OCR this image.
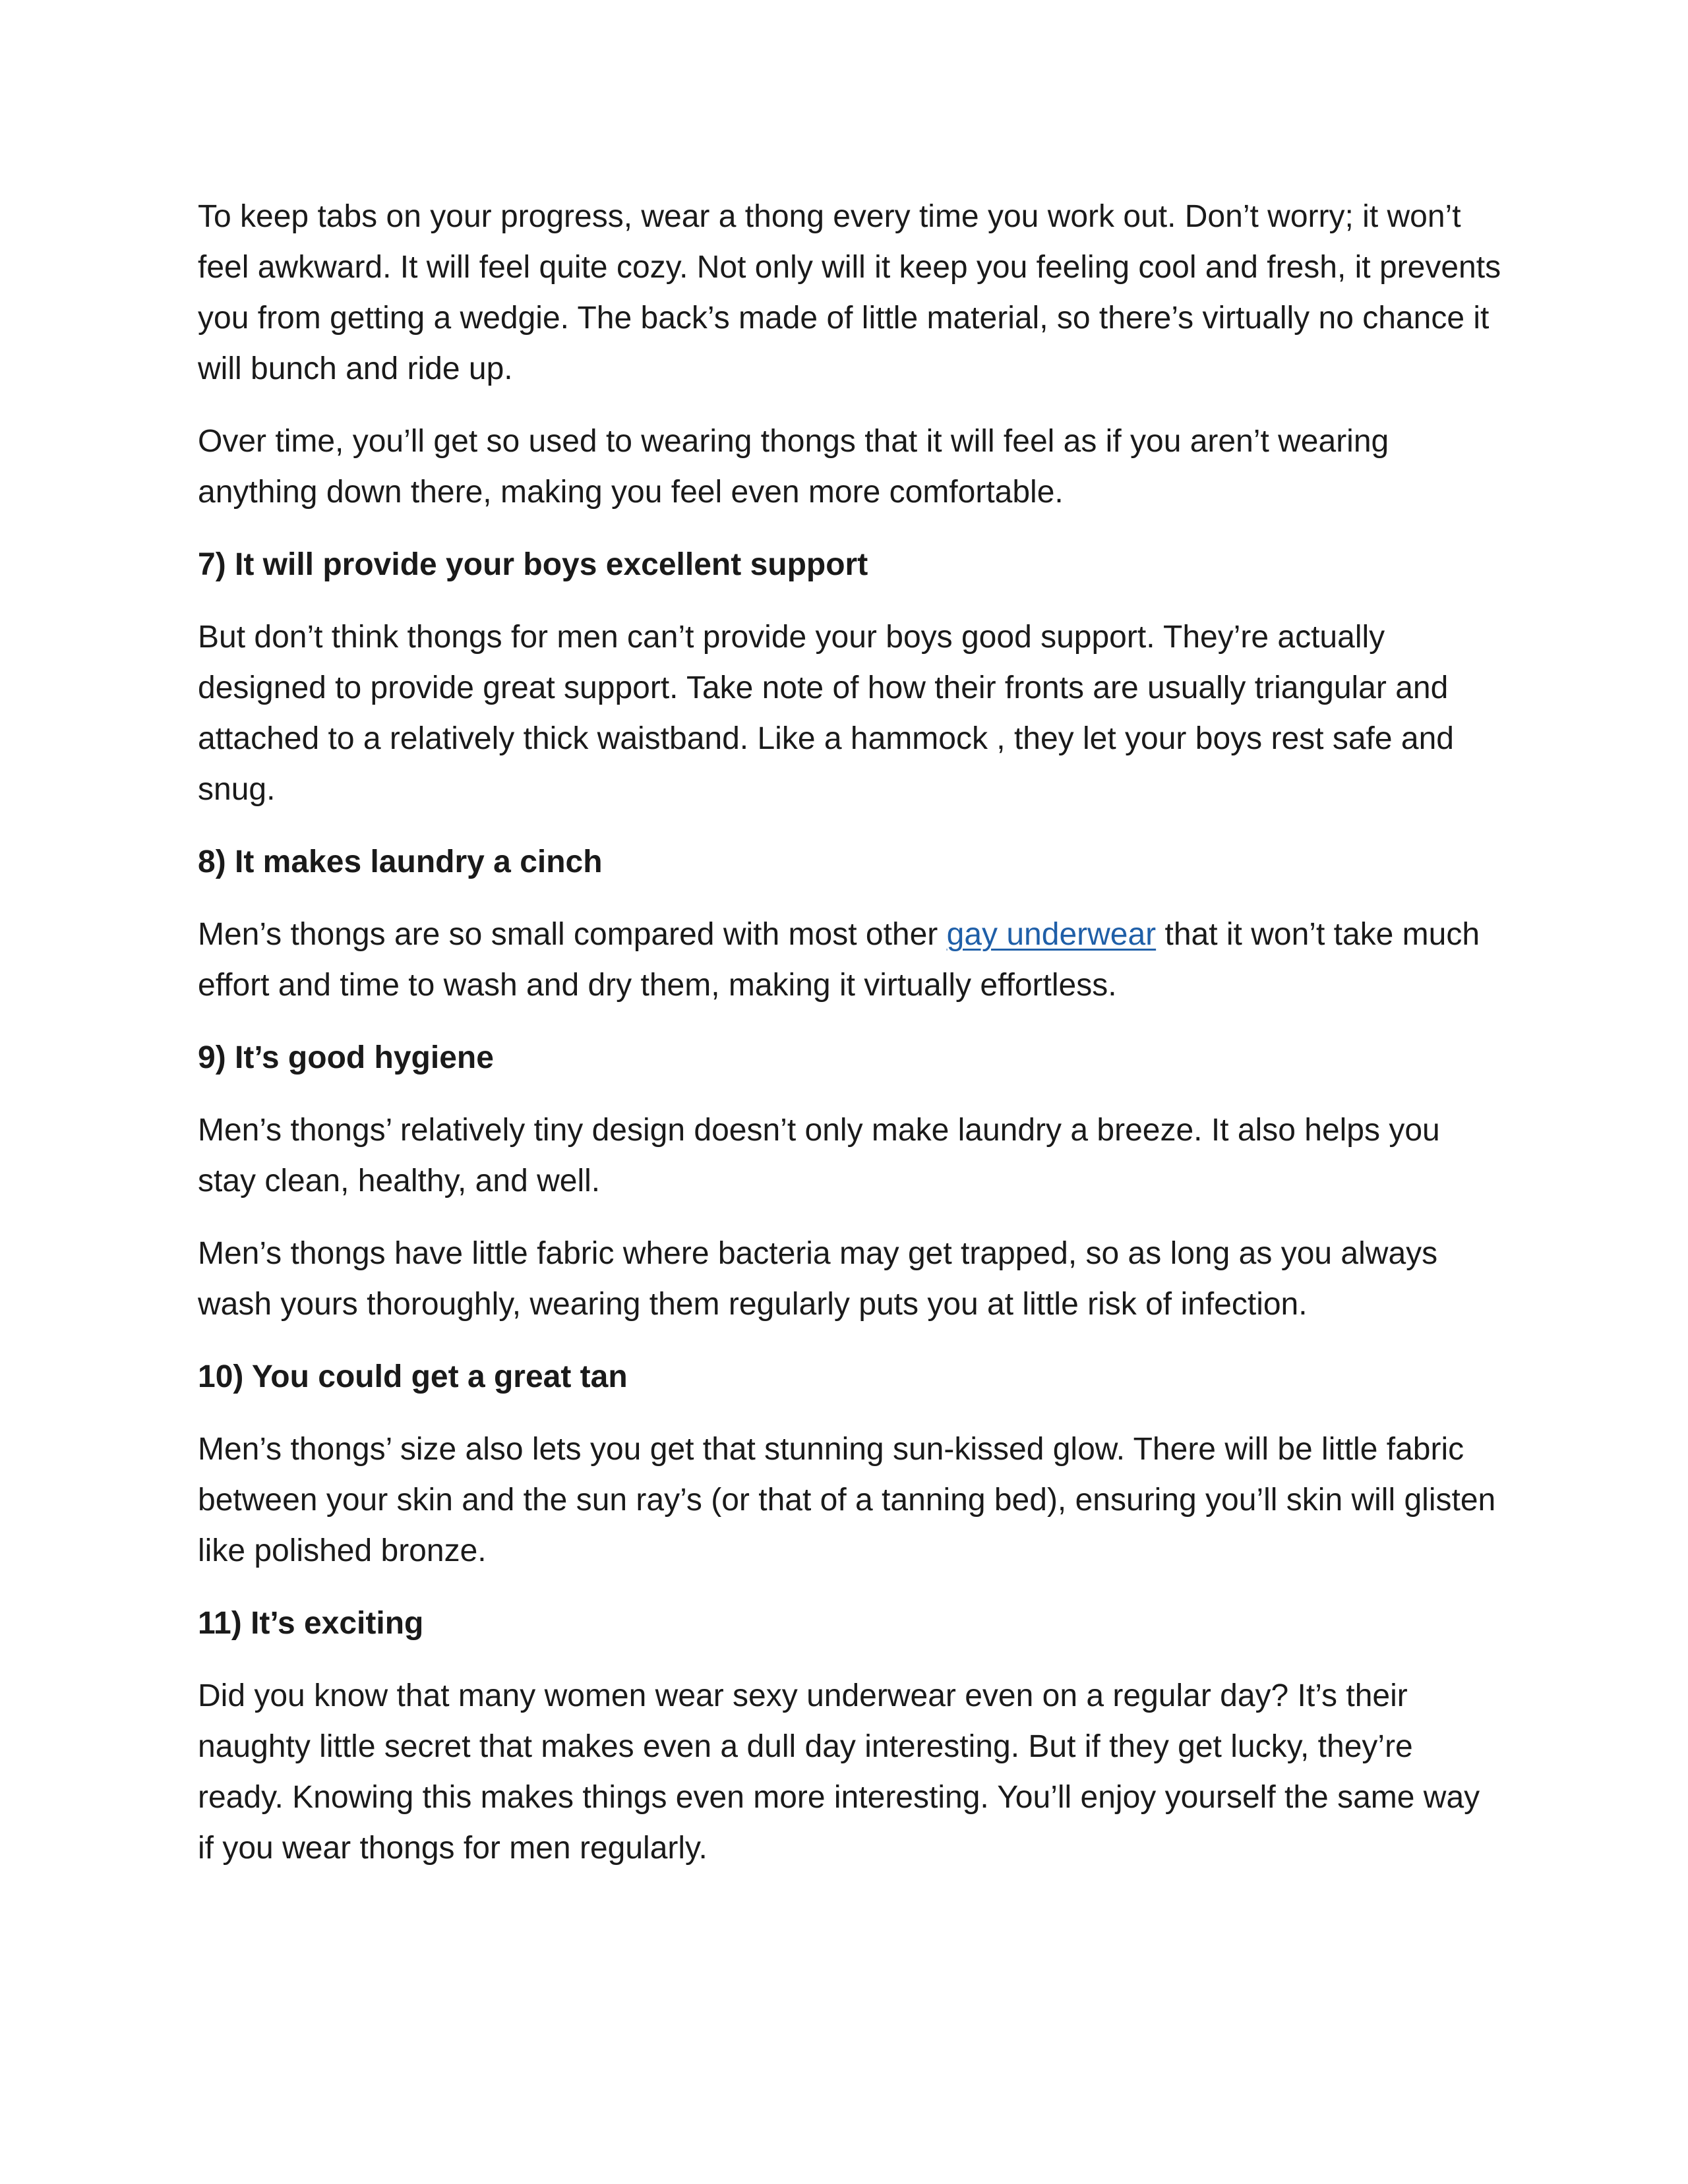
To keep tabs on your progress, wear a thong every time you work out. Don’t worry; it won’t feel awkward. It will feel quite cozy. Not only will it keep you feeling cool and fresh, it prevents you from getting a wedgie. The back’s made of little material, so there’s virtually no chance it will bunch and ride up.

Over time, you’ll get so used to wearing thongs that it will feel as if you aren’t wearing anything down there, making you feel even more comfortable.

7) It will provide your boys excellent support

But don’t think thongs for men can’t provide your boys good support. They’re actually designed to provide great support. Take note of how their fronts are usually triangular and attached to a relatively thick waistband. Like a hammock , they let your boys rest safe and snug.

8) It makes laundry a cinch

Men’s thongs are so small compared with most other gay underwear that it won’t take much effort and time to wash and dry them, making it virtually effortless.

9) It’s good hygiene

Men’s thongs’ relatively tiny design doesn’t only make laundry a breeze. It also helps you stay clean, healthy, and well.

Men’s thongs have little fabric where bacteria may get trapped, so as long as you always wash yours thoroughly, wearing them regularly puts you at little risk of infection.

10) You could get a great tan

Men’s thongs’ size also lets you get that stunning sun-kissed glow. There will be little fabric between your skin and the sun ray’s (or that of a tanning bed), ensuring you’ll skin will glisten like polished bronze.

11) It’s exciting

Did you know that many women wear sexy underwear even on a regular day? It’s their naughty little secret that makes even a dull day interesting. But if they get lucky, they’re ready. Knowing this makes things even more interesting. You’ll enjoy yourself the same way if you wear thongs for men regularly.
